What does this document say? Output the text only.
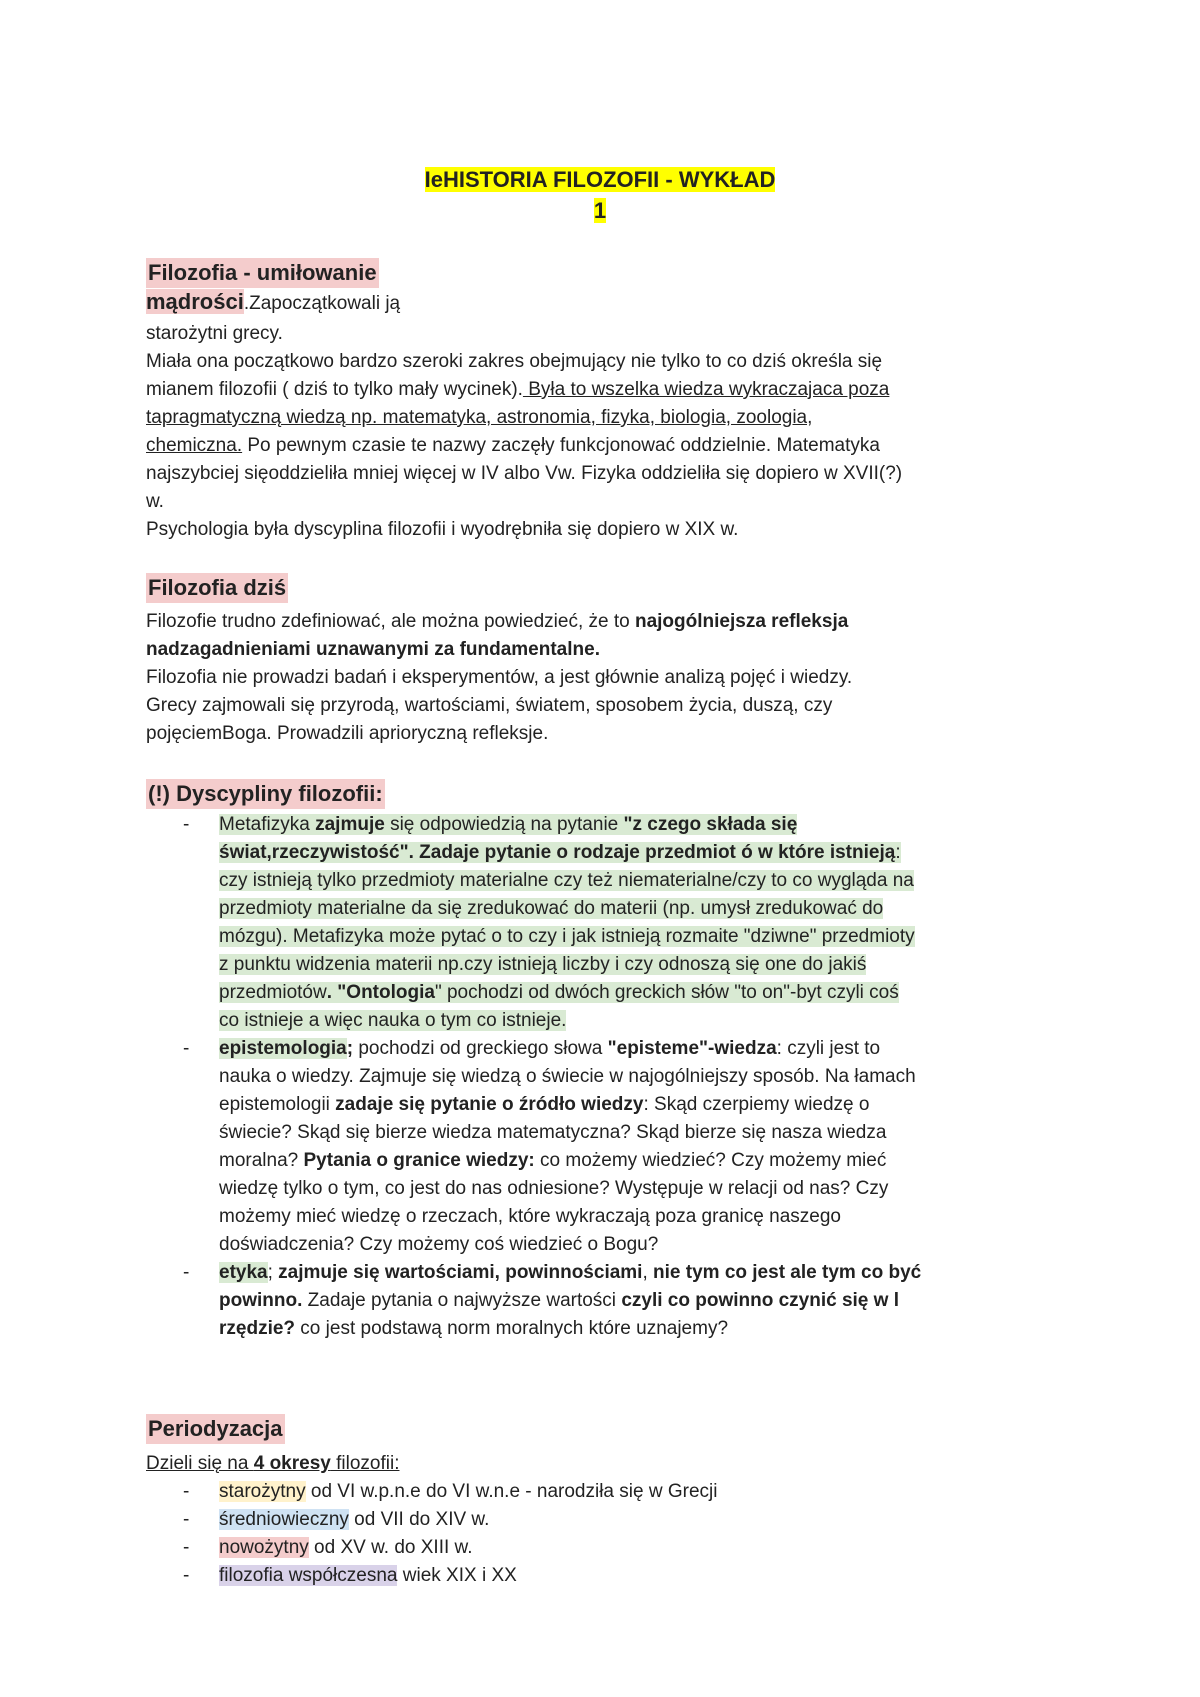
IeHISTORIA FILOZOFII - WYKŁAD
1
Filozofia - umiłowanie
mądrości.Zapoczątkowali ją
starożytni grecy.
Miała ona początkowo bardzo szeroki zakres obejmujący nie tylko to co dziś określa się
mianem filozofii ( dziś to tylko mały wycinek). Była to wszelka wiedza wykraczajaca poza
tapragmatyczną wiedzą np. matematyka, astronomia, fizyka, biologia, zoologia,
chemiczna. Po pewnym czasie te nazwy zaczęły funkcjonować oddzielnie. Matematyka
najszybciej sięoddzieliła mniej więcej w IV albo Vw. Fizyka oddzieliła się dopiero w XVII(?)
w.
Psychologia była dyscyplina filozofii i wyodrębniła się dopiero w XIX w.
Filozofia dziś
Filozofie trudno zdefiniować, ale można powiedzieć, że to najogólniejsza refleksja
nadzagadnieniami uznawanymi za fundamentalne.
Filozofia nie prowadzi badań i eksperymentów, a jest głównie analizą pojęć i wiedzy.
Grecy zajmowali się przyrodą, wartościami, światem, sposobem życia, duszą, czy
pojęciemBoga. Prowadzili aprioryczną refleksje.
(!) Dyscypliny filozofii:
- Metafizyka zajmuje się odpowiedzią na pytanie "z czego składa się
świat,rzeczywistość". Zadaje pytanie o rodzaje przedmiot ó w które istnieją:
czy istnieją tylko przedmioty materialne czy też niematerialne/czy to co wygląda na
przedmioty materialne da się zredukować do materii (np. umysł zredukować do
mózgu). Metafizyka może pytać o to czy i jak istnieją rozmaite "dziwne" przedmioty
z punktu widzenia materii np.czy istnieją liczby i czy odnoszą się one do jakiś
przedmiotów. "Ontologia" pochodzi od dwóch greckich słów "to on"-byt czyli coś
co istnieje a więc nauka o tym co istnieje.
- epistemologia; pochodzi od greckiego słowa "episteme"-wiedza: czyli jest to
nauka o wiedzy. Zajmuje się wiedzą o świecie w najogólniejszy sposób. Na łamach
epistemologii zadaje się pytanie o źródło wiedzy: Skąd czerpiemy wiedzę o
świecie? Skąd się bierze wiedza matematyczna? Skąd bierze się nasza wiedza
moralna? Pytania o granice wiedzy: co możemy wiedzieć? Czy możemy mieć
wiedzę tylko o tym, co jest do nas odniesione? Występuje w relacji od nas? Czy
możemy mieć wiedzę o rzeczach, które wykraczają poza granicę naszego
doświadczenia? Czy możemy coś wiedzieć o Bogu?
- etyka; zajmuje się wartościami, powinnościami, nie tym co jest ale tym co być
powinno. Zadaje pytania o najwyższe wartości czyli co powinno czynić się w l
rzędzie? co jest podstawą norm moralnych które uznajemy?
Periodyzacja
Dzieli się na 4 okresy filozofii:
- starożytny od VI w.p.n.e do VI w.n.e - narodziła się w Grecji
- średniowieczny od VII do XIV w.
- nowożytny od XV w. do XIII w.
- filozofia współczesna wiek XIX i XX
